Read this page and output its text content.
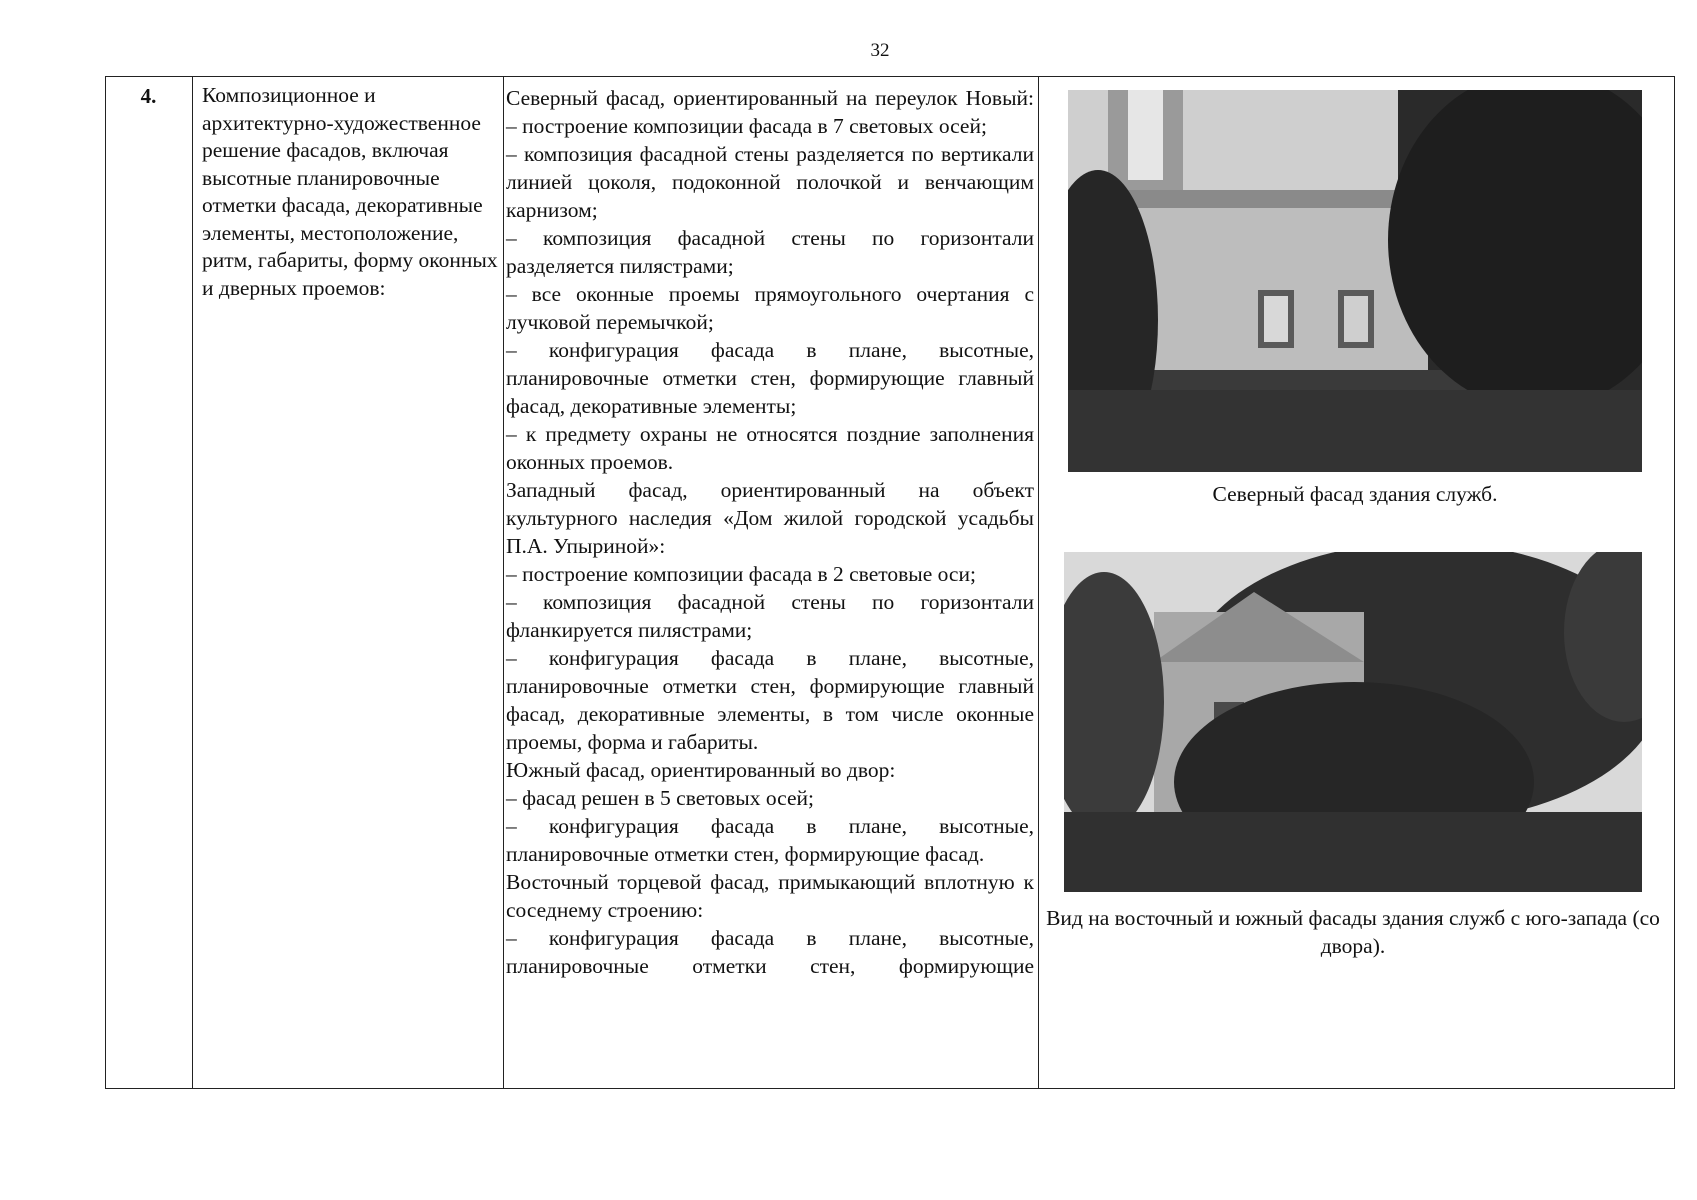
32
4.	Композиционное и архитектурно-художественное решение фасадов, включая высотные планировочные отметки фасада, декоративные элементы, местоположение, ритм, габариты, форму оконных и дверных проемов:

Северный фасад, ориентированный на переулок Новый:

– построение композиции фасада в 7 световых осей;

– композиция фасадной стены разделяется по вертикали линией цоколя, подоконной полочкой и венчающим карнизом;

– композиция фасадной стены по горизонтали разделяется пилястрами;

– все оконные проемы прямоугольного очертания с лучковой перемычкой;

– конфигурация фасада в плане, высотные, планировочные отметки стен, формирующие главный фасад, декоративные элементы;

– к предмету охраны не относятся поздние заполнения оконных проемов.

Западный фасад, ориентированный на объект культурного наследия «Дом жилой городской усадьбы П.А. Упыриной»:

– построение композиции фасада в 2 световые оси;

– композиция фасадной стены по горизонтали фланкируется пилястрами;

– конфигурация фасада в плане, высотные, планировочные отметки стен, формирующие главный фасад, декоративные элементы, в том числе оконные проемы, форма и габариты.

Южный фасад, ориентированный во двор:

– фасад решен в 5 световых осей;

– конфигурация фасада в плане, высотные, планировочные отметки стен, формирующие фасад.

Восточный торцевой фасад, примыкающий вплотную к соседнему строению:

– конфигурация фасада в плане, высотные, планировочные отметки стен, формирующие

Северный фасад здания служб.
Вид на восточный и южный фасады здания служб с юго-запада (со двора).
